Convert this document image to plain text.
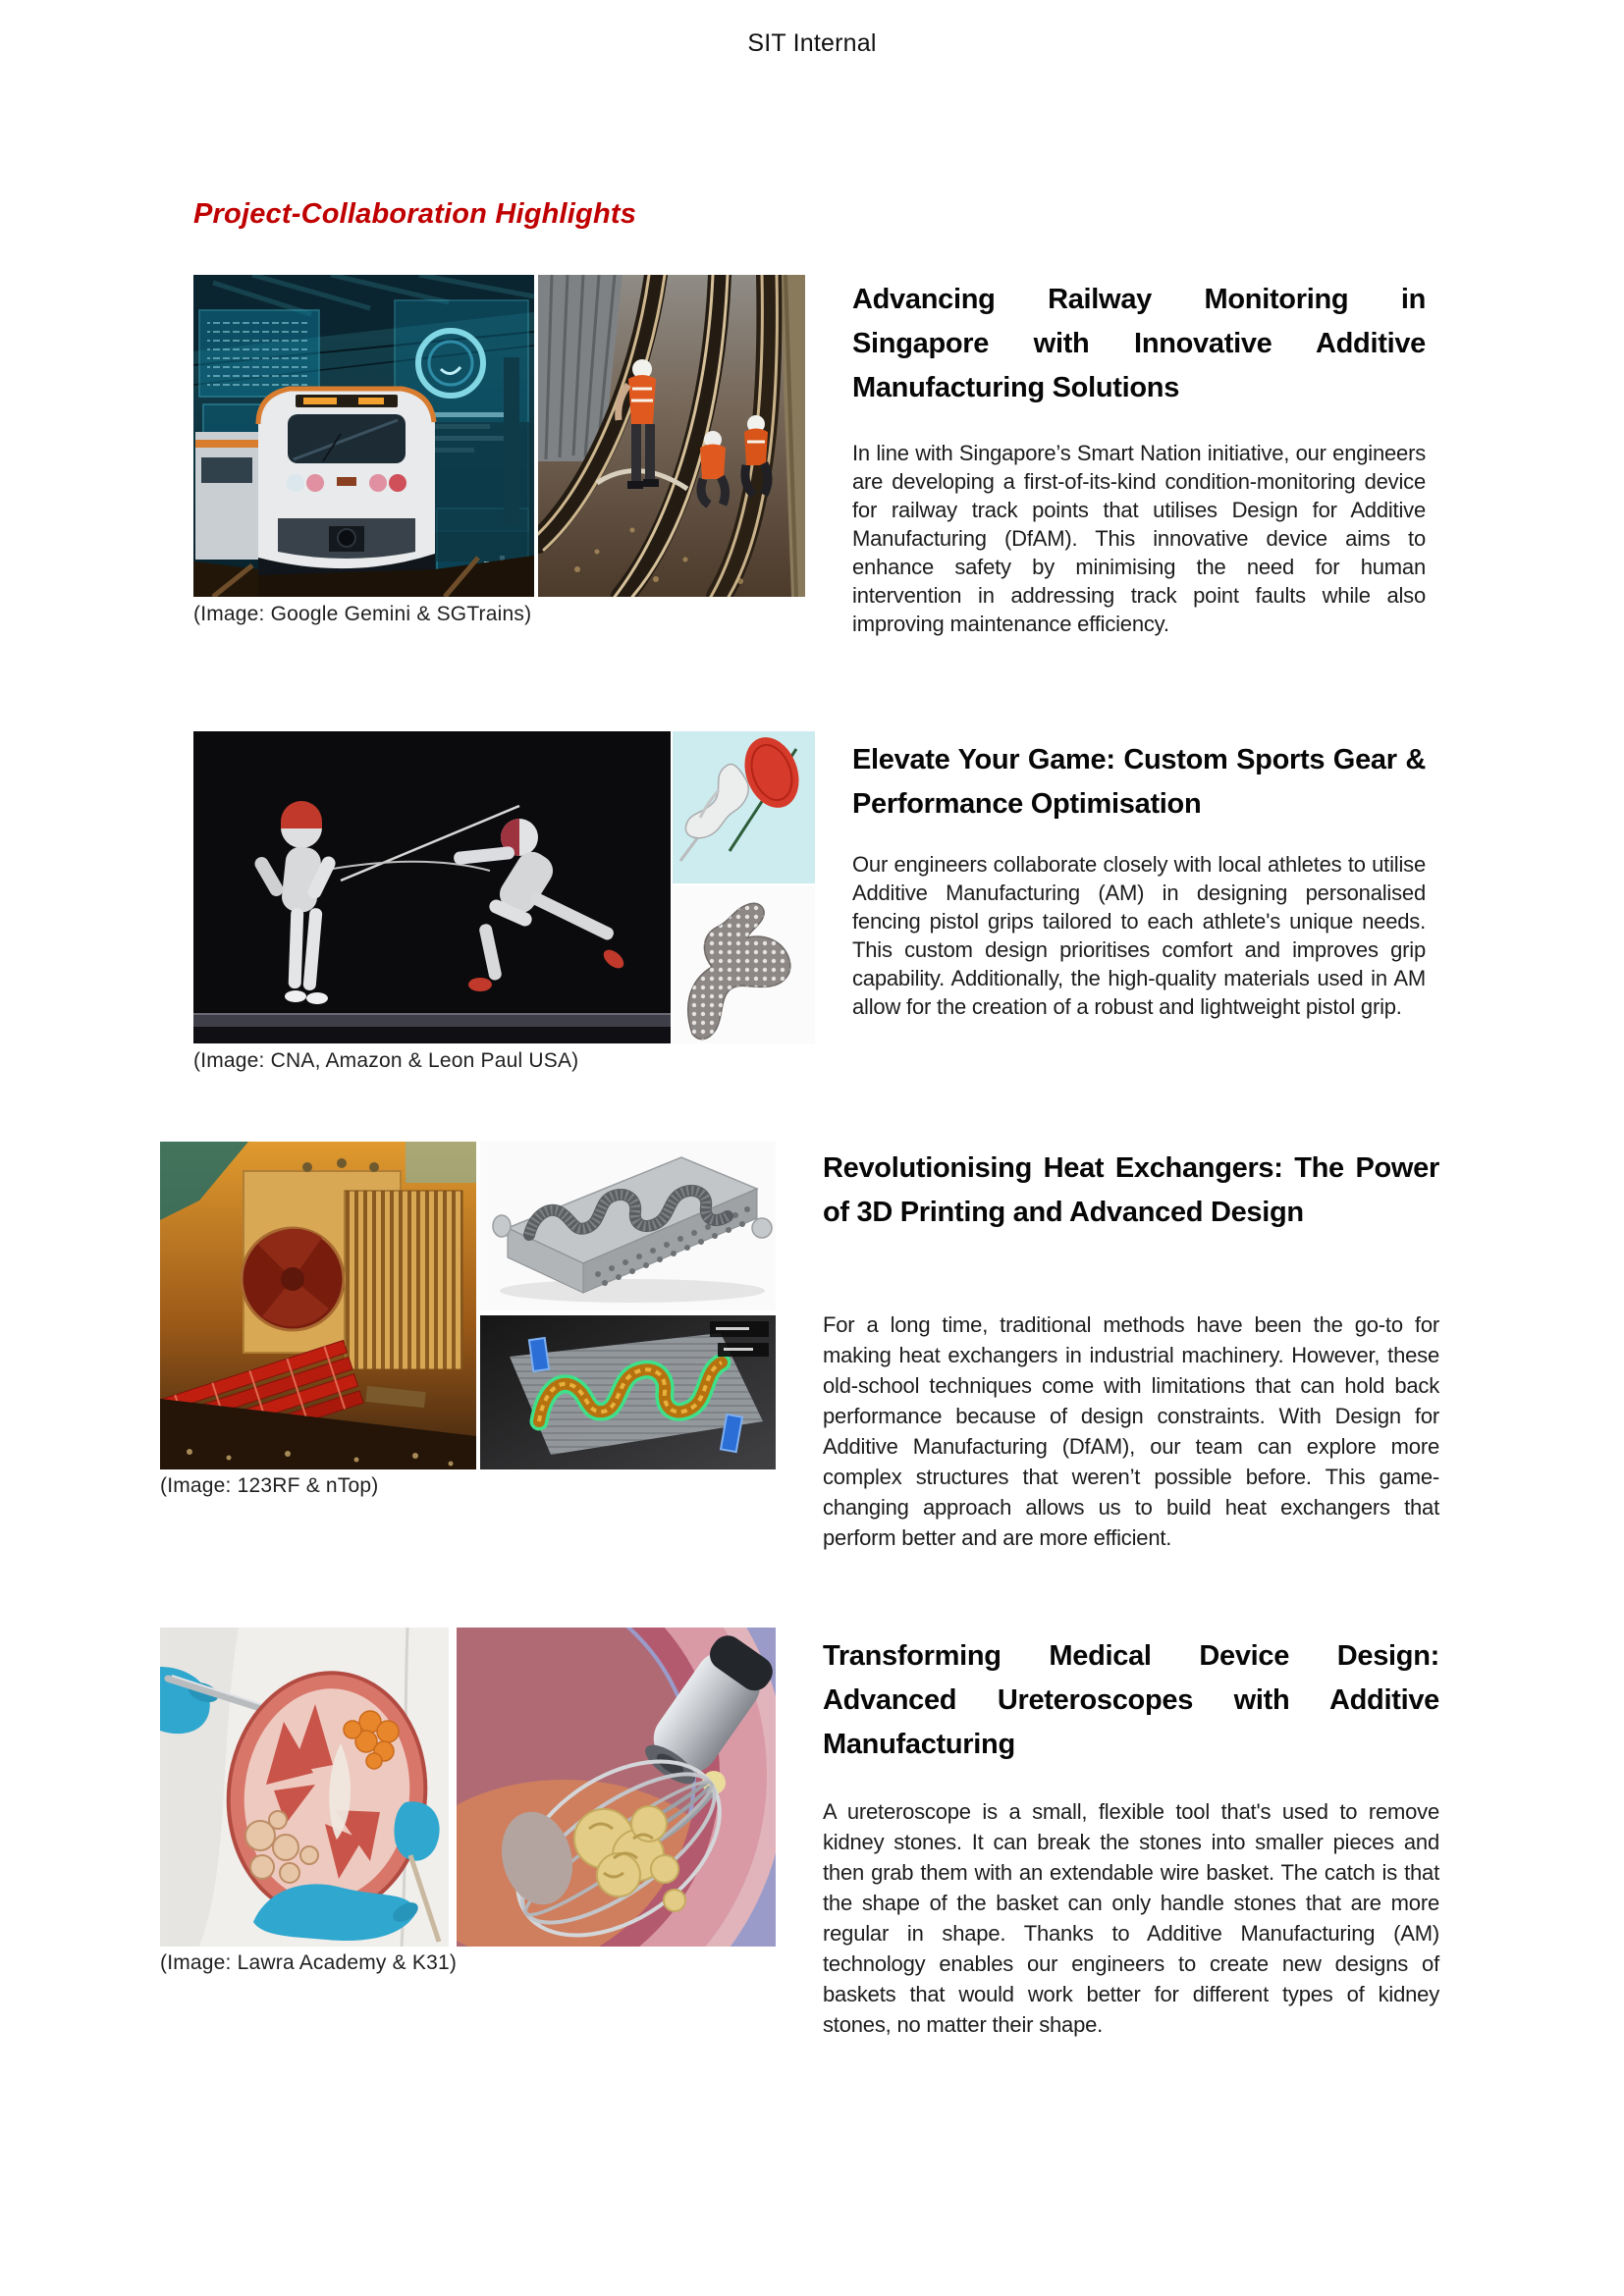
SIT Internal
Project-Collaboration Highlights
(Image: Google Gemini & SGTrains)
Advancing Railway Monitoring in Singapore with Innovative Additive Manufacturing Solutions

In line with Singapore’s Smart Nation initiative, our engineers are developing a first-of-its-kind condition-monitoring device for railway track points that utilises Design for Additive Manufacturing (DfAM). This innovative device aims to enhance safety by minimising the need for human intervention in addressing track point faults while also improving maintenance efficiency.

(Image: CNA, Amazon & Leon Paul USA)
Elevate Your Game: Custom Sports Gear & Performance Optimisation

Our engineers collaborate closely with local athletes to utilise Additive Manufacturing (AM) in designing personalised fencing pistol grips tailored to each athlete's unique needs. This custom design prioritises comfort and improves grip capability. Additionally, the high-quality materials used in AM allow for the creation of a robust and lightweight pistol grip.

(Image: 123RF & nTop)
Revolutionising Heat Exchangers: The Power of 3D Printing and Advanced Design

For a long time, traditional methods have been the go-to for making heat exchangers in industrial machinery. However, these old-school techniques come with limitations that can hold back performance because of design constraints. With Design for Additive Manufacturing (DfAM), our team can explore more complex structures that weren’t possible before. This game-changing approach allows us to build heat exchangers that perform better and are more efficient.

(Image: Lawra Academy & K31)
Transforming Medical Device Design: Advanced Ureteroscopes with Additive Manufacturing

A ureteroscope is a small, flexible tool that's used to remove kidney stones. It can break the stones into smaller pieces and then grab them with an extendable wire basket. The catch is that the shape of the basket can only handle stones that are more regular in shape. Thanks to Additive Manufacturing (AM) technology enables our engineers to create new designs of baskets that would work better for different types of kidney stones, no matter their shape.
